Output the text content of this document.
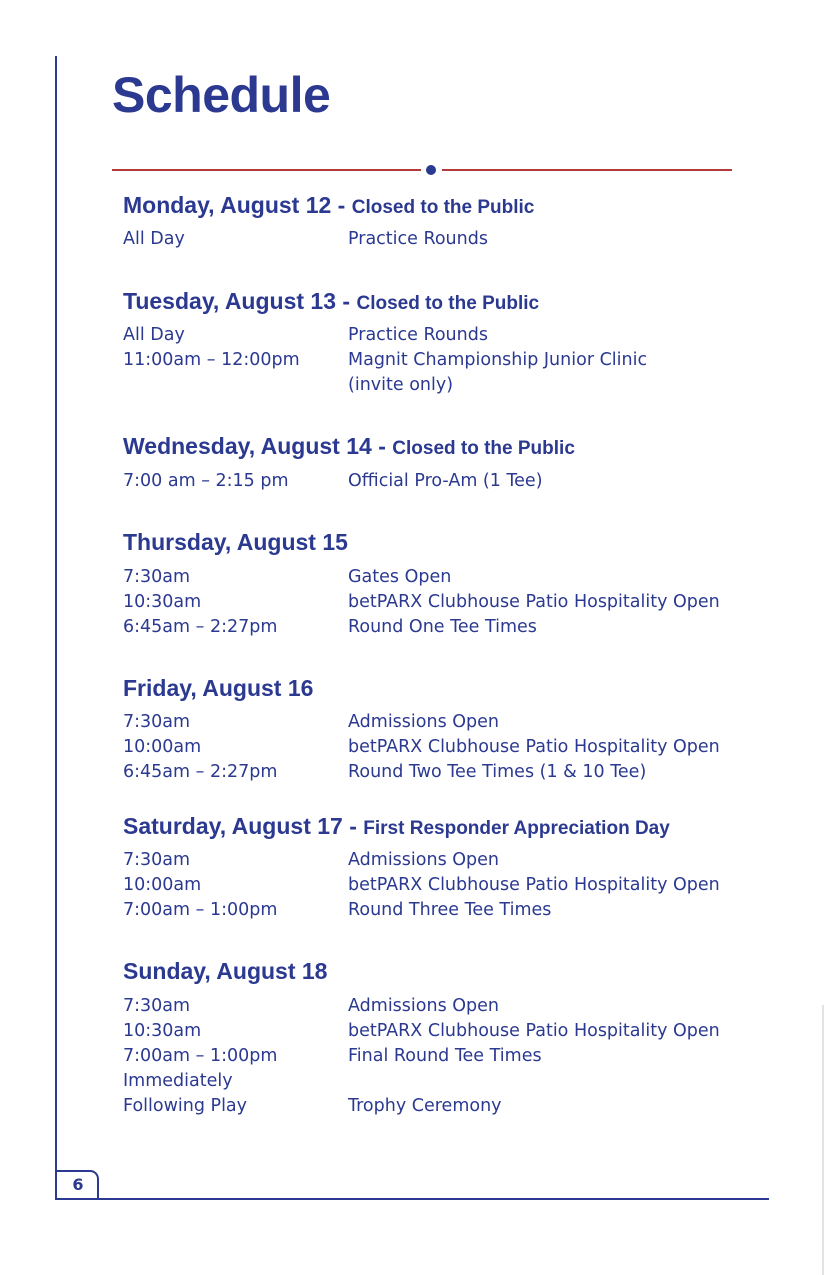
6
Schedule
Monday, August 12 - Closed to the Public
All Day	Practice Rounds
Tuesday, August 13 - Closed to the Public
All Day	Practice Rounds
11:00am – 12:00pm	Magnit Championship Junior Clinic
(invite only)
Wednesday, August 14 - Closed to the Public
7:00 am – 2:15 pm	Official Pro-Am (1 Tee)
Thursday, August 15
7:30am	Gates Open
10:30am	betPARX Clubhouse Patio Hospitality Open
6:45am – 2:27pm	Round One Tee Times
Friday, August 16
7:30am	Admissions Open
10:00am	betPARX Clubhouse Patio Hospitality Open
6:45am – 2:27pm	Round Two Tee Times (1 & 10 Tee)
Saturday, August 17 - First Responder Appreciation Day
7:30am	Admissions Open
10:00am	betPARX Clubhouse Patio Hospitality Open
7:00am – 1:00pm	Round Three Tee Times
Sunday, August 18
7:30am	Admissions Open
10:30am	betPARX Clubhouse Patio Hospitality Open
7:00am – 1:00pm	Final Round Tee Times
Immediately
Following Play	Trophy Ceremony
